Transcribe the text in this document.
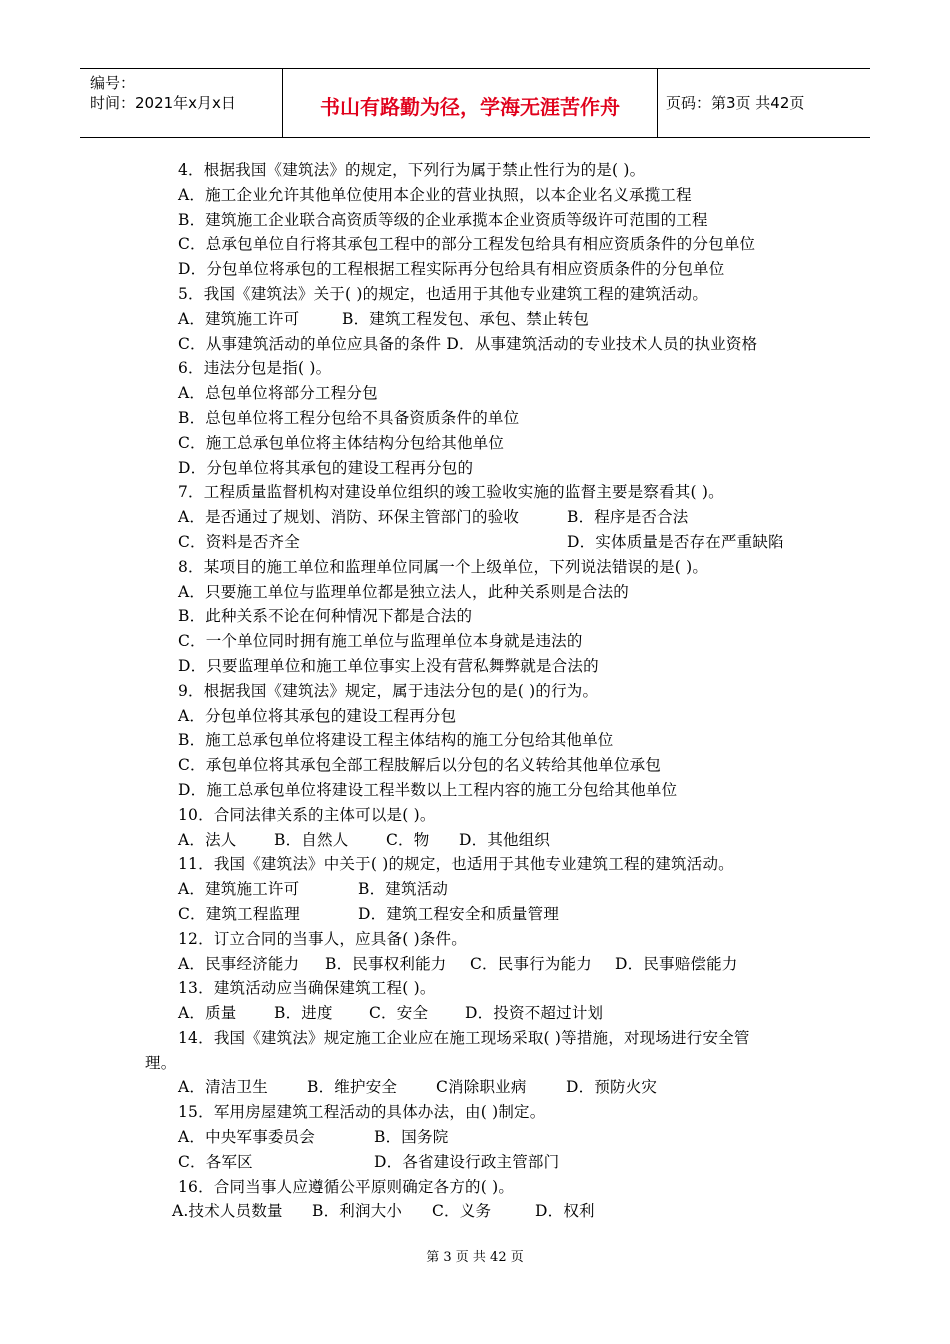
编号：
时间：2021年x月x日	书山有路勤为径，学海无涯苦作舟	页码：第3页 共42页
4．根据我国《建筑法》的规定，下列行为属于禁止性行为的是( )。
A．施工企业允许其他单位使用本企业的营业执照，以本企业名义承揽工程
B．建筑施工企业联合高资质等级的企业承揽本企业资质等级许可范围的工程
C．总承包单位自行将其承包工程中的部分工程发包给具有相应资质条件的分包单位
D．分包单位将承包的工程根据工程实际再分包给具有相应资质条件的分包单位
5．我国《建筑法》关于( )的规定，也适用于其他专业建筑工程的建筑活动。
A．建筑施工许可	B．建筑工程发包、承包、禁止转包
C．从事建筑活动的单位应具备的条件 D．从事建筑活动的专业技术人员的执业资格
6．违法分包是指( )。
A．总包单位将部分工程分包
B．总包单位将工程分包给不具备资质条件的单位
C．施工总承包单位将主体结构分包给其他单位
D．分包单位将其承包的建设工程再分包的
7．工程质量监督机构对建设单位组织的竣工验收实施的监督主要是察看其( )。
A．是否通过了规划、消防、环保主管部门的验收	B．程序是否合法
C．资料是否齐全	D．实体质量是否存在严重缺陷
8．某项目的施工单位和监理单位同属一个上级单位，下列说法错误的是( )。
A．只要施工单位与监理单位都是独立法人，此种关系则是合法的
B．此种关系不论在何种情况下都是合法的
C．一个单位同时拥有施工单位与监理单位本身就是违法的
D．只要监理单位和施工单位事实上没有营私舞弊就是合法的
9．根据我国《建筑法》规定，属于违法分包的是( )的行为。
A．分包单位将其承包的建设工程再分包
B．施工总承包单位将建设工程主体结构的施工分包给其他单位
C．承包单位将其承包全部工程肢解后以分包的名义转给其他单位承包
D．施工总承包单位将建设工程半数以上工程内容的施工分包给其他单位
10．合同法律关系的主体可以是( )。
A．法人 B．自然人 C．物 D．其他组织
11．我国《建筑法》中关于( )的规定，也适用于其他专业建筑工程的建筑活动。
A．建筑施工许可	B．建筑活动
C．建筑工程监理	D．建筑工程安全和质量管理
12．订立合同的当事人，应具备( )条件。
A．民事经济能力 B．民事权利能力 C．民事行为能力 D．民事赔偿能力
13．建筑活动应当确保建筑工程( )。
A．质量 B．进度 C．安全 D．投资不超过计划
14．我国《建筑法》规定施工企业应在施工现场采取( )等措施，对现场进行安全管
理。
A．清洁卫生	B．维护安全	C消除职业病	D．预防火灾
15．军用房屋建筑工程活动的具体办法，由( )制定。
A．中央军事委员会	B．国务院
C．各军区	D．各省建设行政主管部门
16．合同当事人应遵循公平原则确定各方的( )。
A.技术人员数量 B．利润大小 C．义务	D．权利
第 3 页 共 42 页
